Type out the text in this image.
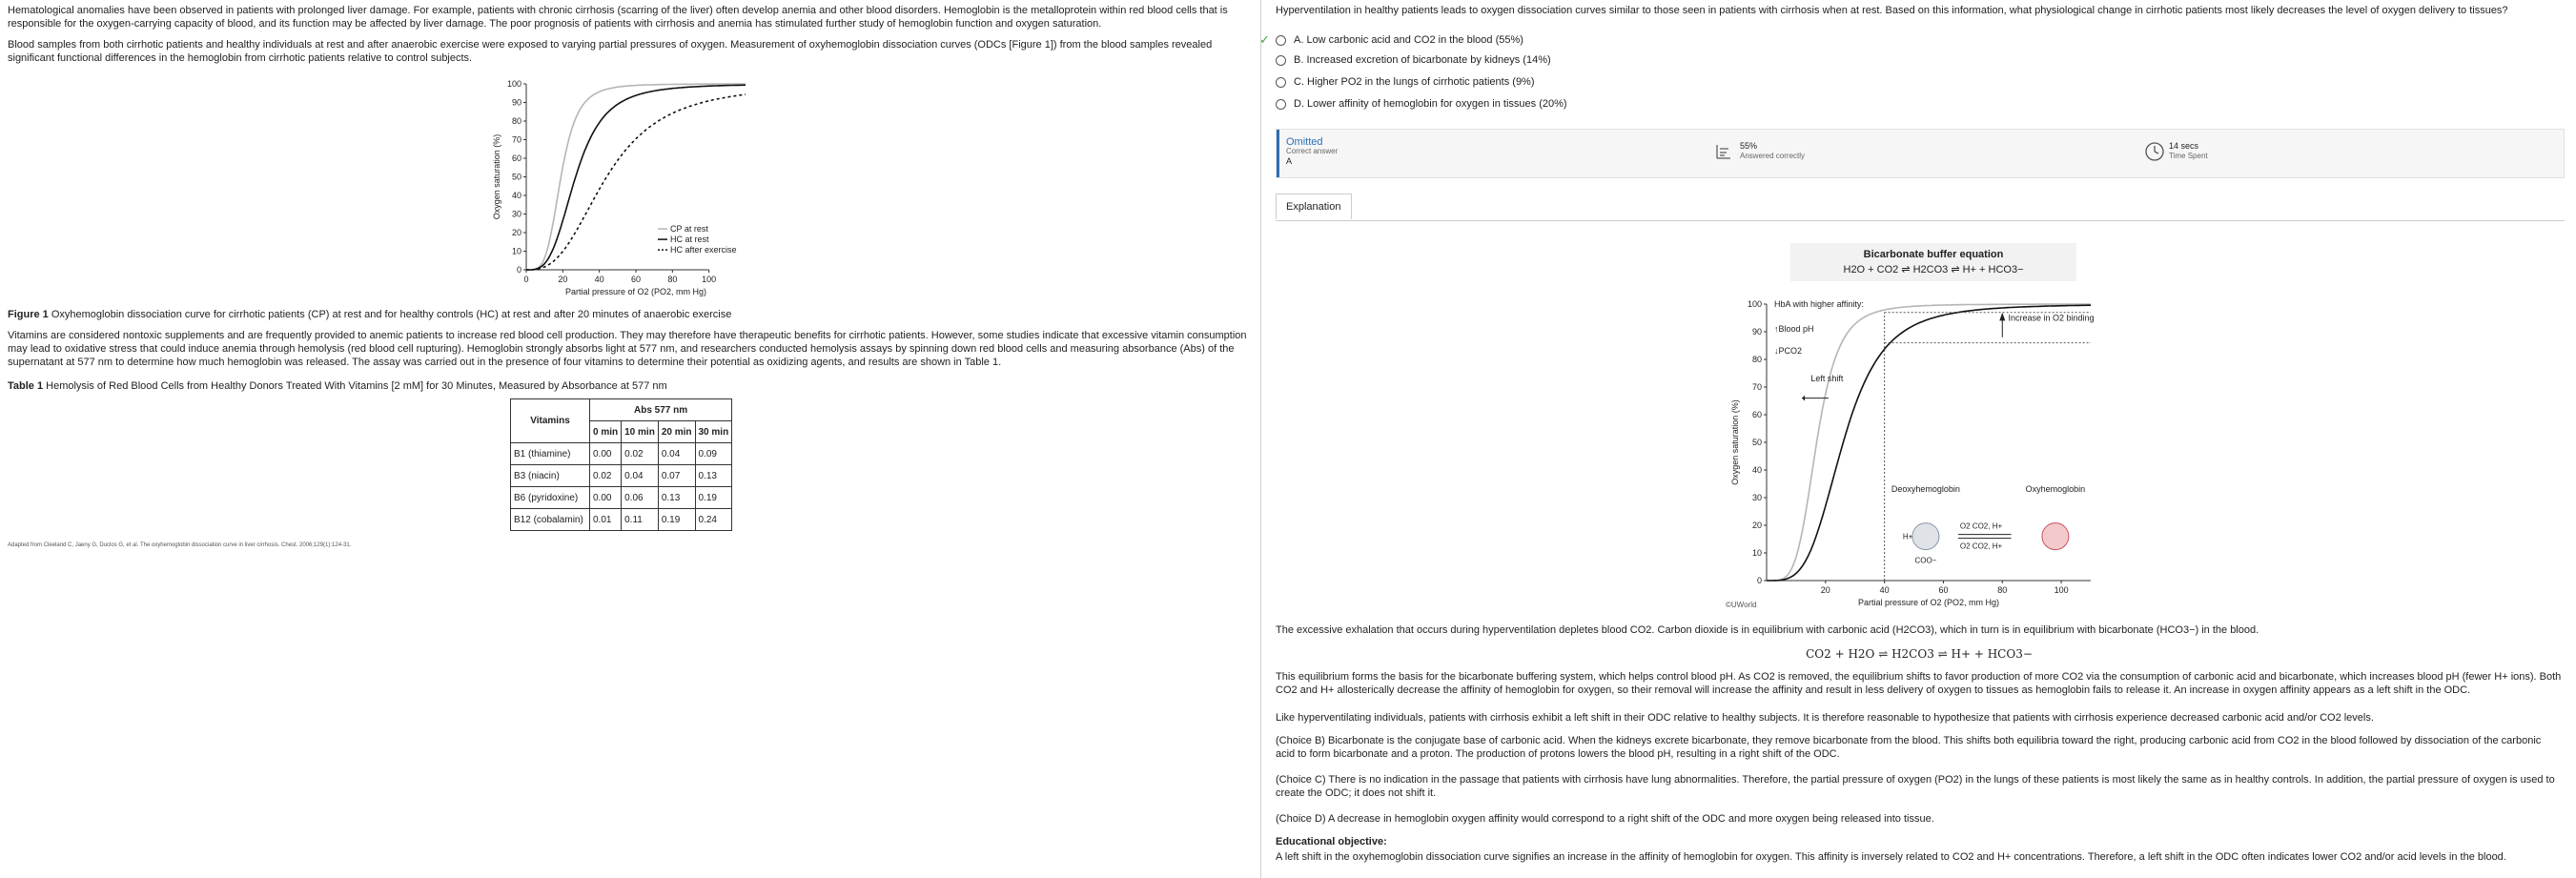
Hematological anomalies have been observed in patients with prolonged liver damage. For example, patients with chronic cirrhosis (scarring of the liver) often develop anemia and other blood disorders. Hemoglobin is the metalloprotein within red blood cells that is responsible for the oxygen-carrying capacity of blood, and its function may be affected by liver damage. The poor prognosis of patients with cirrhosis and anemia has stimulated further study of hemoglobin function and oxygen saturation.

Blood samples from both cirrhotic patients and healthy individuals at rest and after anaerobic exercise were exposed to varying partial pressures of oxygen. Measurement of oxyhemoglobin dissociation curves (ODCs [Figure 1]) from the blood samples revealed significant functional differences in the hemoglobin from cirrhotic patients relative to control subjects.

0
10
20
30
40
50
60
70
80
90
100
0	20	40	60	80	100
Oxygen saturation (%)
Partial pressure of O2 (PO2, mm Hg)
CP at rest
HC at rest
HC after exercise

Figure 1 Oxyhemoglobin dissociation curve for cirrhotic patients (CP) at rest and for healthy controls (HC) at rest and after 20 minutes of anaerobic exercise

Vitamins are considered nontoxic supplements and are frequently provided to anemic patients to increase red blood cell production. They may therefore have therapeutic benefits for cirrhotic patients. However, some studies indicate that excessive vitamin consumption may lead to oxidative stress that could induce anemia through hemolysis (red blood cell rupturing). Hemoglobin strongly absorbs light at 577 nm, and researchers conducted hemolysis assays by spinning down red blood cells and measuring absorbance (Abs) of the supernatant at 577 nm to determine how much hemoglobin was released. The assay was carried out in the presence of four vitamins to determine their potential as oxidizing agents, and results are shown in Table 1.

Table 1 Hemolysis of Red Blood Cells from Healthy Donors Treated With Vitamins [2 mM] for 30 Minutes, Measured by Absorbance at 577 nm

Vitamins	Abs 577 nm			
	0 min	10 min	20 min	30 min
B1 (thiamine)	0.00	0.02	0.04	0.09
B3 (niacin)	0.02	0.04	0.07	0.13
B6 (pyridoxine)	0.00	0.06	0.13	0.19
B12 (cobalamin)	0.01	0.11	0.19	0.24

Adapted from Cleeland C, Jaeny G, Duclos G, et al. The oxyhemoglobin dissociation curve in liver cirrhosis. Chest. 2006;129(1):124-31.

Hyperventilation in healthy patients leads to oxygen dissociation curves similar to those seen in patients with cirrhosis when at rest. Based on this information, what physiological change in cirrhotic patients most likely decreases the level of oxygen delivery to tissues?

✓ A. Low carbonic acid and CO2 in the blood (55%)
B. Increased excretion of bicarbonate by kidneys (14%)
C. Higher PO2 in the lungs of cirrhotic patients (9%)
D. Lower affinity of hemoglobin for oxygen in tissues (20%)
Omitted
Correct answer
A
55%
Answered correctly
14 secs
Time Spent
Explanation
Bicarbonate buffer equation
H2O + CO2 ⇌ H2CO3 ⇌ H+ + HCO3−
0
10
20
30
40
50
60
70
80
90
100
20	40	60	80	100
Oxygen saturation (%)
Partial pressure of O2 (PO2, mm Hg)
Increase in O2 binding
HbA with higher affinity:
↑Blood pH
↓PCO2
Left shift
Deoxyhemoglobin
H+
COO−
O2 CO2, H+
O2 CO2, H+
Oxyhemoglobin
©UWorld

The excessive exhalation that occurs during hyperventilation depletes blood CO2. Carbon dioxide is in equilibrium with carbonic acid (H2CO3), which in turn is in equilibrium with bicarbonate (HCO3−) in the blood.

CO2 + H2O ⇌ H2CO3 ⇌ H+ + HCO3−

This equilibrium forms the basis for the bicarbonate buffering system, which helps control blood pH. As CO2 is removed, the equilibrium shifts to favor production of more CO2 via the consumption of carbonic acid and bicarbonate, which increases blood pH (fewer H+ ions). Both CO2 and H+ allosterically decrease the affinity of hemoglobin for oxygen, so their removal will increase the affinity and result in less delivery of oxygen to tissues as hemoglobin fails to release it. An increase in oxygen affinity appears as a left shift in the ODC.

Like hyperventilating individuals, patients with cirrhosis exhibit a left shift in their ODC relative to healthy subjects. It is therefore reasonable to hypothesize that patients with cirrhosis experience decreased carbonic acid and/or CO2 levels.

(Choice B) Bicarbonate is the conjugate base of carbonic acid. When the kidneys excrete bicarbonate, they remove bicarbonate from the blood. This shifts both equilibria toward the right, producing carbonic acid from CO2 in the blood followed by dissociation of the carbonic acid to form bicarbonate and a proton. The production of protons lowers the blood pH, resulting in a right shift of the ODC.

(Choice C) There is no indication in the passage that patients with cirrhosis have lung abnormalities. Therefore, the partial pressure of oxygen (PO2) in the lungs of these patients is most likely the same as in healthy controls. In addition, the partial pressure of oxygen is used to create the ODC; it does not shift it.

(Choice D) A decrease in hemoglobin oxygen affinity would correspond to a right shift of the ODC and more oxygen being released into tissue.

Educational objective:

A left shift in the oxyhemoglobin dissociation curve signifies an increase in the affinity of hemoglobin for oxygen. This affinity is inversely related to CO2 and H+ concentrations. Therefore, a left shift in the ODC often indicates lower CO2 and/or acid levels in the blood.
